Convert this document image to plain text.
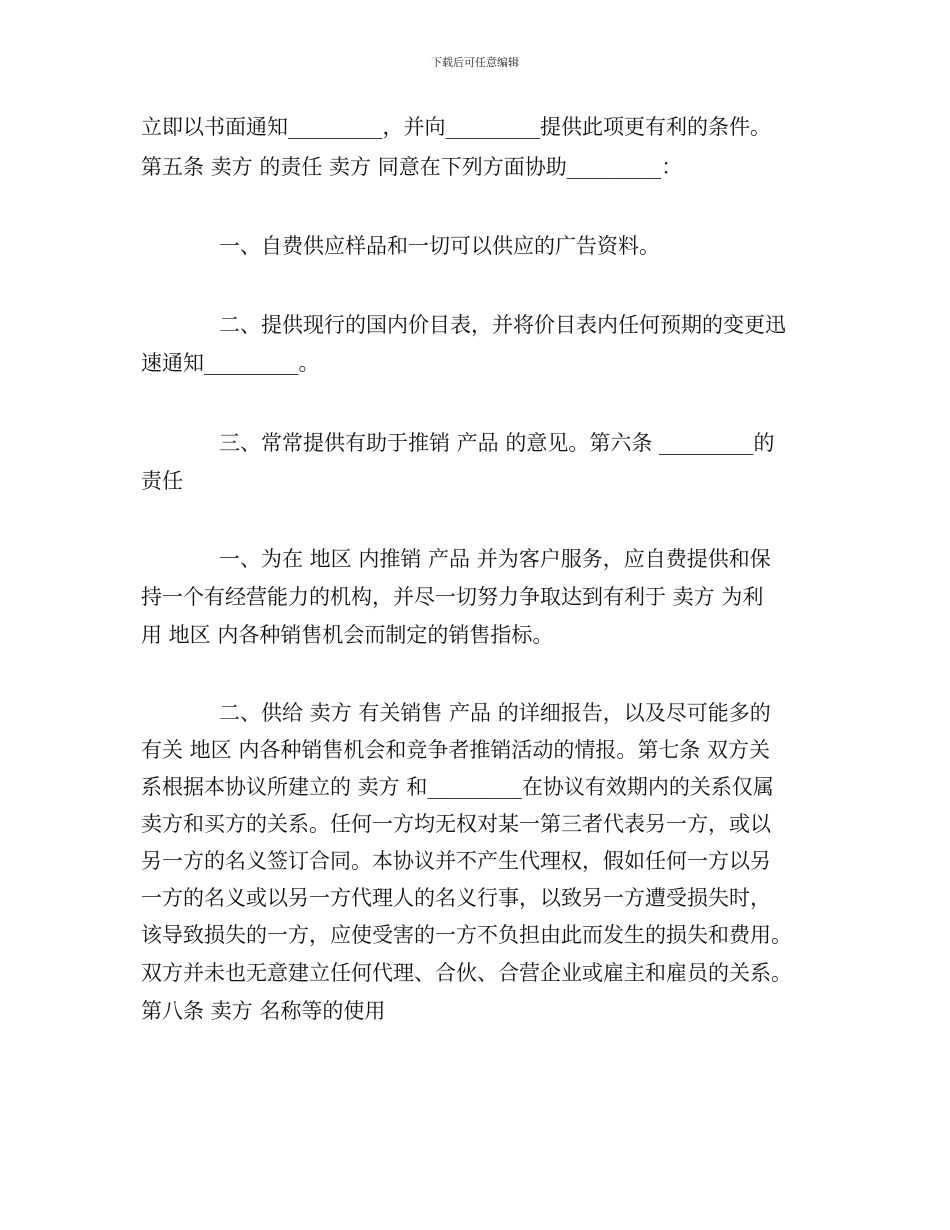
下载后可任意编辑
立即以书面通知_________，并向_________提供此项更有利的条件。
第五条 卖方 的责任 卖方 同意在下列方面协助_________：
一、自费供应样品和一切可以供应的广告资料。
二、提供现行的国内价目表，并将价目表内任何预期的变更迅
速通知_________。
三、常常提供有助于推销 产品 的意见。第六条 _________的
责任
一、为在 地区 内推销 产品 并为客户服务，应自费提供和保
持一个有经营能力的机构，并尽一切努力争取达到有利于 卖方 为利
用 地区 内各种销售机会而制定的销售指标。
二、供给 卖方 有关销售 产品 的详细报告，以及尽可能多的
有关 地区 内各种销售机会和竞争者推销活动的情报。第七条 双方关
系根据本协议所建立的 卖方 和_________在协议有效期内的关系仅属
卖方和买方的关系。任何一方均无权对某一第三者代表另一方，或以
另一方的名义签订合同。本协议并不产生代理权，假如任何一方以另
一方的名义或以另一方代理人的名义行事，以致另一方遭受损失时，
该导致损失的一方，应使受害的一方不负担由此而发生的损失和费用。
双方并未也无意建立任何代理、合伙、合营企业或雇主和雇员的关系。
第八条 卖方 名称等的使用
